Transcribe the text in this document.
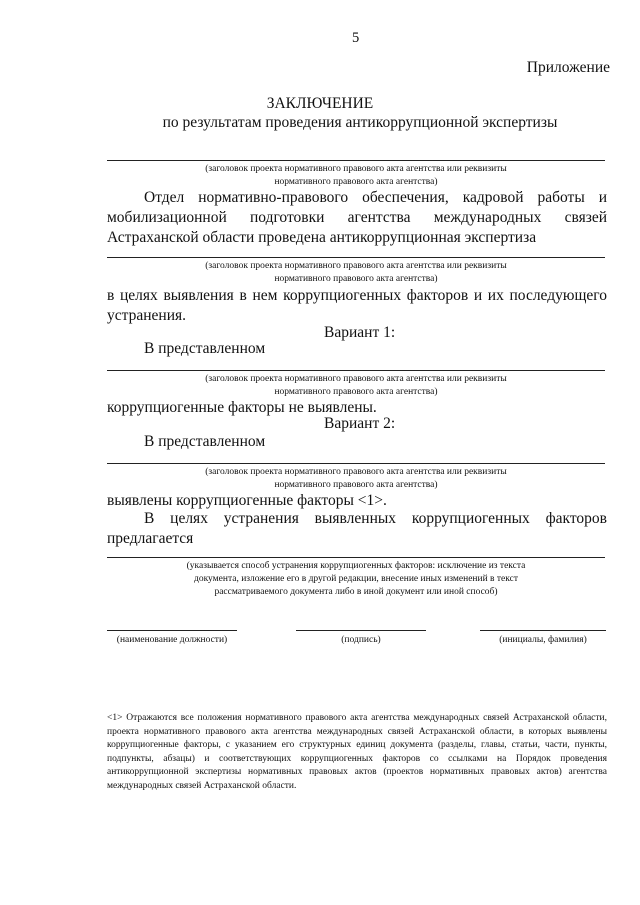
5
Приложение
ЗАКЛЮЧЕНИЕ
по результатам проведения антикоррупционной экспертизы
(заголовок проекта нормативного правового акта агентства или реквизиты
нормативного правового акта агентства)
Отдел нормативно-правового обеспечения, кадровой работы и мобилизационной подготовки агентства международных связей Астраханской области проведена антикоррупционная экспертиза
(заголовок проекта нормативного правового акта агентства или реквизиты
нормативного правового акта агентства)
в целях выявления в нем коррупциогенных факторов и их последующего устранения.
Вариант 1:
В представленном
(заголовок проекта нормативного правового акта агентства или реквизиты
нормативного правового акта агентства)
коррупциогенные факторы не выявлены.
Вариант 2:
В представленном
(заголовок проекта нормативного правового акта агентства или реквизиты
нормативного правового акта агентства)
выявлены коррупциогенные факторы <1>.
В целях устранения выявленных коррупциогенных факторов предлагается
(указывается способ устранения коррупциогенных факторов: исключение из текста
документа, изложение его в другой редакции, внесение иных изменений в текст
рассматриваемого документа либо в иной документ или иной способ)
(наименование должности)	(подпись)	(инициалы, фамилия)
<1> Отражаются все положения нормативного правового акта агентства международных связей Астраханской области, проекта нормативного правового акта агентства международных связей Астраханской области, в которых выявлены коррупциогенные факторы, с указанием его структурных единиц документа (разделы, главы, статьи, части, пункты, подпункты, абзацы) и соответствующих коррупциогенных факторов со ссылками на Порядок проведения антикоррупционной экспертизы нормативных правовых актов (проектов нормативных правовых актов) агентства международных связей Астраханской области.
